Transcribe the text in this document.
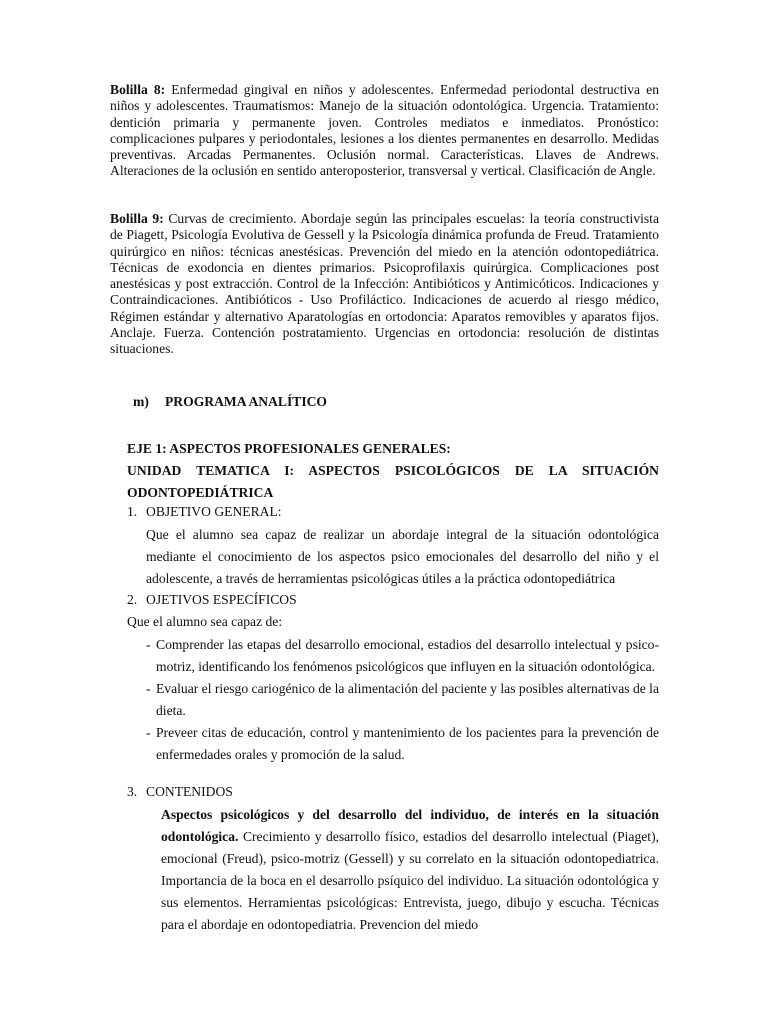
Bolilla 8: Enfermedad gingival en niños y adolescentes. Enfermedad periodontal destructiva en niños y adolescentes. Traumatismos: Manejo de la situación odontológica. Urgencia. Tratamiento: dentición primaria y permanente joven. Controles mediatos e inmediatos. Pronóstico: complicaciones pulpares y periodontales, lesiones a los dientes permanentes en desarrollo. Medidas preventivas. Arcadas Permanentes. Oclusión normal. Características. Llaves de Andrews. Alteraciones de la oclusión en sentido anteroposterior, transversal y vertical. Clasificación de Angle.

Bolilla 9: Curvas de crecimiento. Abordaje según las principales escuelas: la teoría constructivista de Piagett, Psicología Evolutiva de Gessell y la Psicología dinámica profunda de Freud. Tratamiento quirúrgico en niños: técnicas anestésicas. Prevención del miedo en la atención odontopediátrica. Técnicas de exodoncia en dientes primarios. Psicoprofilaxis quirúrgica. Complicaciones post anestésicas y post extracción. Control de la Infección: Antibióticos y Antimicóticos. Indicaciones y Contraindicaciones. Antibióticos - Uso Profiláctico. Indicaciones de acuerdo al riesgo médico, Régimen estándar y alternativo Aparatologías en ortodoncia: Aparatos removibles y aparatos fijos. Anclaje. Fuerza. Contención postratamiento. Urgencias en ortodoncia: resolución de distintas situaciones.

m) PROGRAMA ANALÍTICO

EJE 1: ASPECTOS PROFESIONALES GENERALES:

UNIDAD TEMATICA I: ASPECTOS PSICOLÓGICOS DE LA SITUACIÓN ODONTOPEDIÁTRICA

1. OBJETIVO GENERAL:

Que el alumno sea capaz de realizar un abordaje integral de la situación odontológica mediante el conocimiento de los aspectos psico emocionales del desarrollo del niño y el adolescente, a través de herramientas psicológicas útiles a la práctica odontopediátrica

2. OJETIVOS ESPECÍFICOS

Que el alumno sea capaz de:

- Comprender las etapas del desarrollo emocional, estadios del desarrollo intelectual y psico-motriz, identificando los fenómenos psicológicos que influyen en la situación odontológica.
- Evaluar el riesgo cariogénico de la alimentación del paciente y las posibles alternativas de la dieta.
- Preveer citas de educación, control y mantenimiento de los pacientes para la prevención de enfermedades orales y promoción de la salud.

3. CONTENIDOS

Aspectos psicológicos y del desarrollo del individuo, de interés en la situación odontológica. Crecimiento y desarrollo físico, estadios del desarrollo intelectual (Piaget), emocional (Freud), psico-motriz (Gessell) y su correlato en la situación odontopediatrica. Importancia de la boca en el desarrollo psíquico del individuo. La situación odontológica y sus elementos. Herramientas psicológicas: Entrevista, juego, dibujo y escucha. Técnicas para el abordaje en odontopediatria. Prevencion del miedo
